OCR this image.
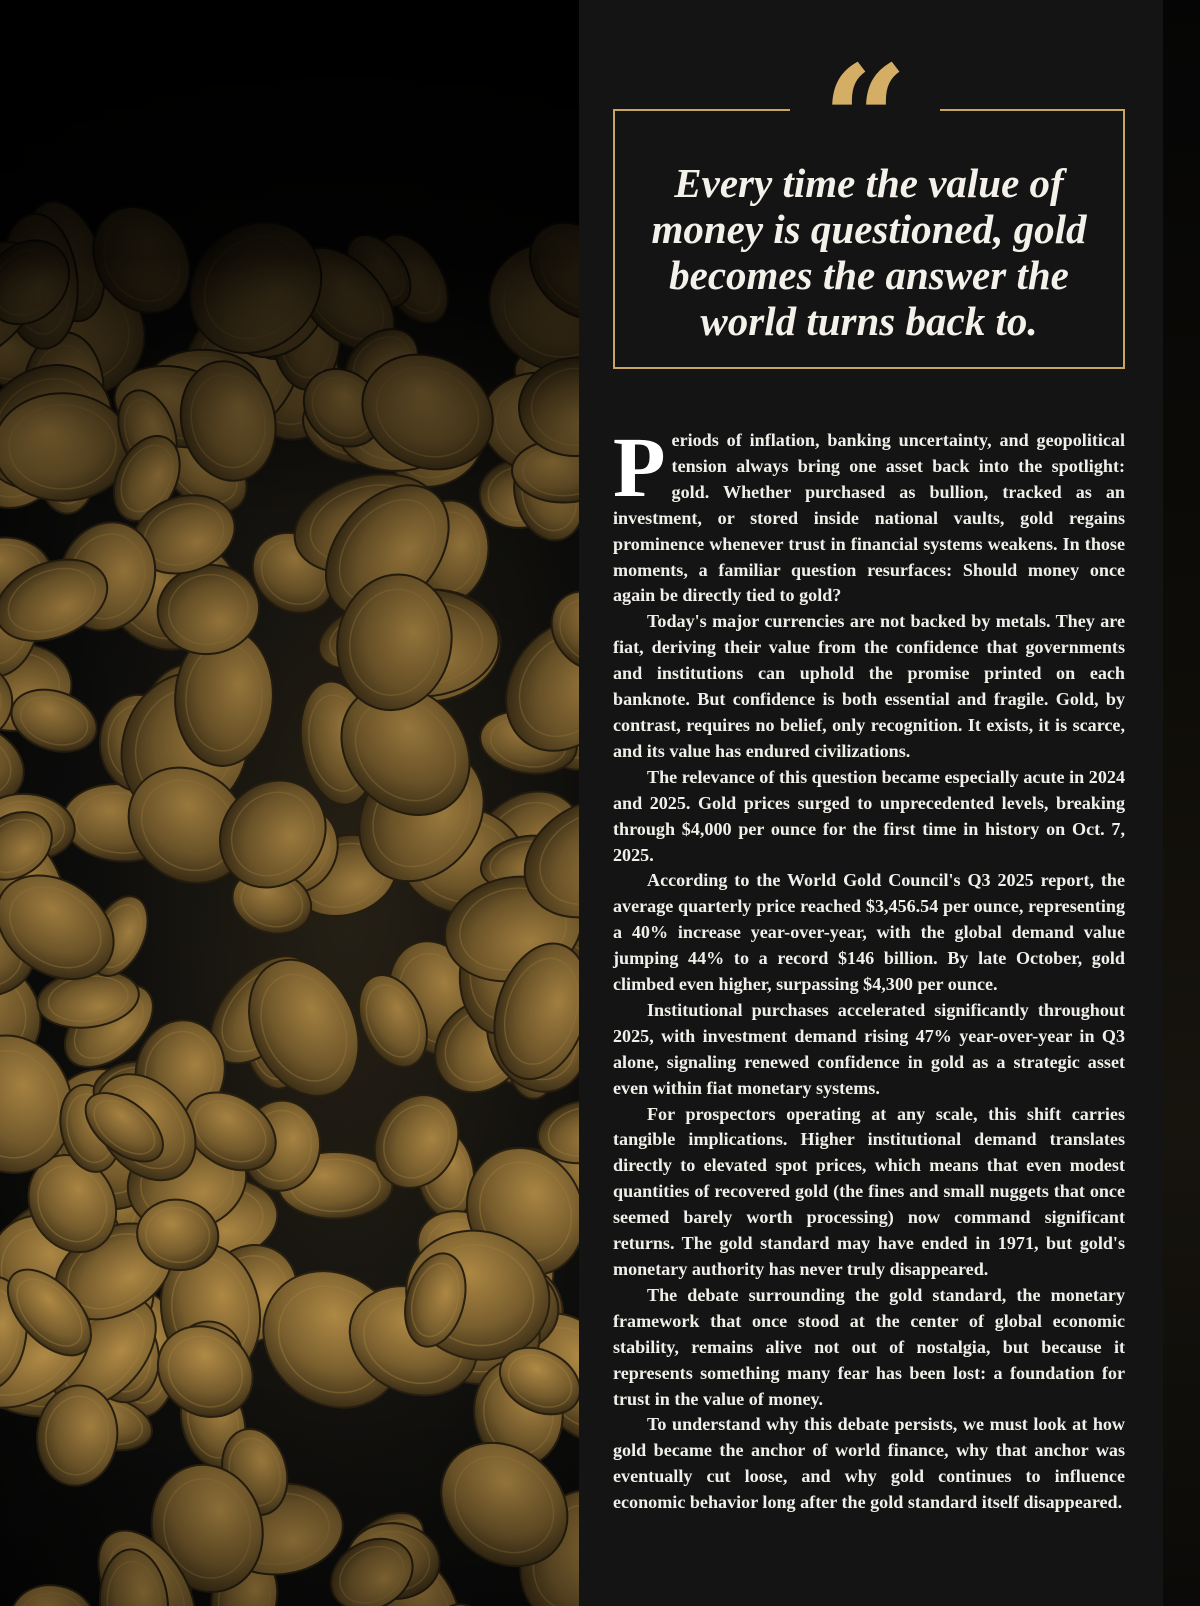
“

Every time the value of money is questioned, gold becomes the answer the world turns back to.

Periods of inflation, banking uncertainty, and geopolitical tension always bring one asset back into the spotlight: gold. Whether purchased as bullion, tracked as an investment, or stored inside national vaults, gold regains prominence whenever trust in financial systems weakens. In those moments, a familiar question resurfaces: Should money once again be directly tied to gold?

Today's major currencies are not backed by metals. They are fiat, deriving their value from the confidence that governments and institutions can uphold the promise printed on each banknote. But confidence is both essential and fragile. Gold, by contrast, requires no belief, only recognition. It exists, it is scarce, and its value has endured civilizations.

The relevance of this question became especially acute in 2024 and 2025. Gold prices surged to unprecedented levels, breaking through $4,000 per ounce for the first time in history on Oct. 7, 2025.

According to the World Gold Council's Q3 2025 report, the average quarterly price reached $3,456.54 per ounce, representing a 40% increase year-over-year, with the global demand value jumping 44% to a record $146 billion. By late October, gold climbed even higher, surpassing $4,300 per ounce.

Institutional purchases accelerated significantly throughout 2025, with investment demand rising 47% year-over-year in Q3 alone, signaling renewed confidence in gold as a strategic asset even within fiat monetary systems.

For prospectors operating at any scale, this shift carries tangible implications. Higher institutional demand translates directly to elevated spot prices, which means that even modest quantities of recovered gold (the fines and small nuggets that once seemed barely worth processing) now command significant returns. The gold standard may have ended in 1971, but gold's monetary authority has never truly disappeared.

The debate surrounding the gold standard, the monetary framework that once stood at the center of global economic stability, remains alive not out of nostalgia, but because it represents something many fear has been lost: a foundation for trust in the value of money.

To understand why this debate persists, we must look at how gold became the anchor of world finance, why that anchor was eventually cut loose, and why gold continues to influence economic behavior long after the gold standard itself disappeared.
